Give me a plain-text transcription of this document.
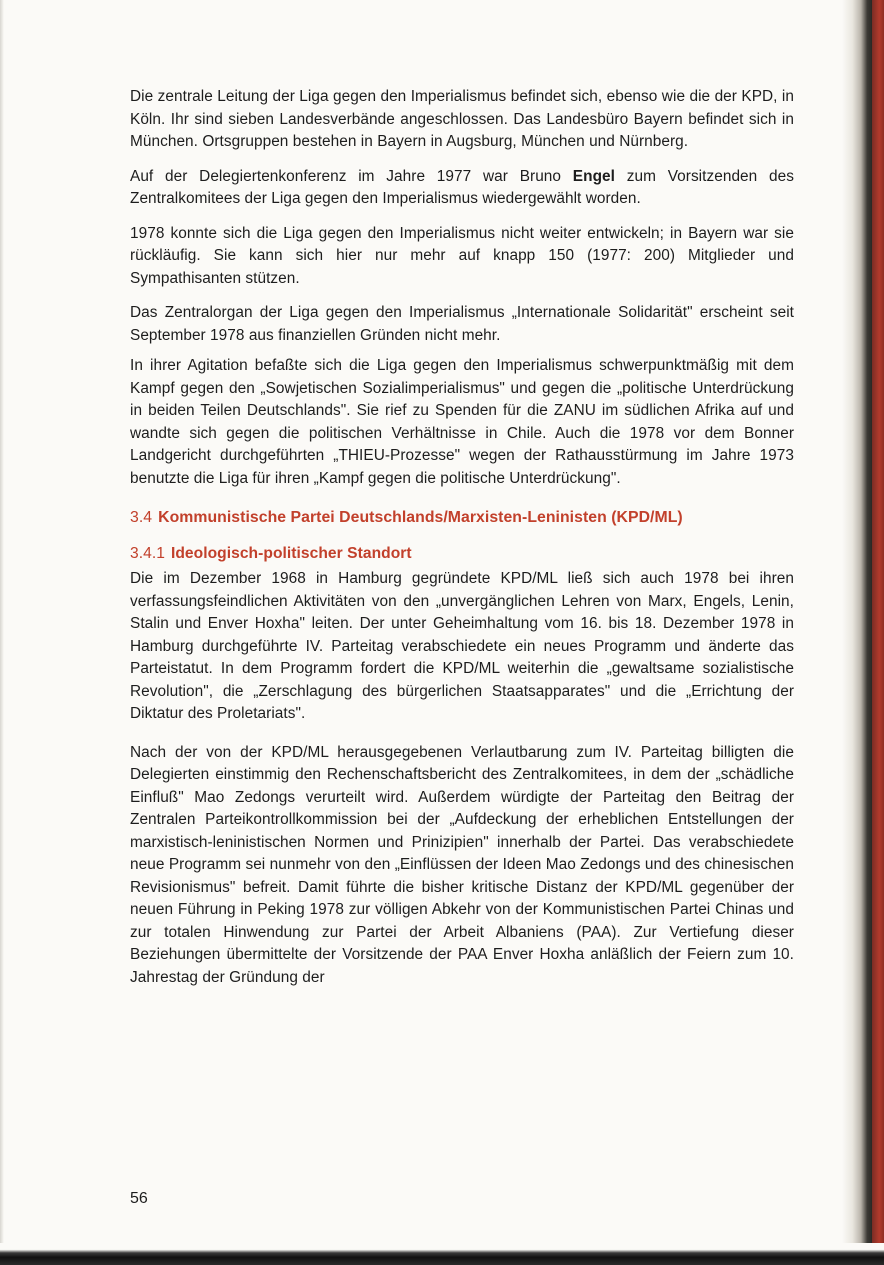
Die zentrale Leitung der Liga gegen den Imperialismus befindet sich, ebenso wie die der KPD, in Köln. Ihr sind sieben Landesverbände angeschlossen. Das Landesbüro Bayern befindet sich in München. Ortsgruppen bestehen in Bayern in Augsburg, München und Nürnberg.

Auf der Delegiertenkonferenz im Jahre 1977 war Bruno Engel zum Vorsitzenden des Zentralkomitees der Liga gegen den Imperialismus wiedergewählt worden.

1978 konnte sich die Liga gegen den Imperialismus nicht weiter entwickeln; in Bayern war sie rückläufig. Sie kann sich hier nur mehr auf knapp 150 (1977: 200) Mitglieder und Sympathisanten stützen.

Das Zentralorgan der Liga gegen den Imperialismus „Internationale Solidarität" erscheint seit September 1978 aus finanziellen Gründen nicht mehr.

In ihrer Agitation befaßte sich die Liga gegen den Imperialismus schwerpunktmäßig mit dem Kampf gegen den „Sowjetischen Sozialimperialismus" und gegen die „politische Unterdrückung in beiden Teilen Deutschlands". Sie rief zu Spenden für die ZANU im südlichen Afrika auf und wandte sich gegen die politischen Verhältnisse in Chile. Auch die 1978 vor dem Bonner Landgericht durchgeführten „THIEU-Prozesse" wegen der Rathausstürmung im Jahre 1973 benutzte die Liga für ihren „Kampf gegen die politische Unterdrückung".

3.4 Kommunistische Partei Deutschlands/Marxisten-Leninisten (KPD/ML)
3.4.1 Ideologisch-politischer Standort

Die im Dezember 1968 in Hamburg gegründete KPD/ML ließ sich auch 1978 bei ihren verfassungsfeindlichen Aktivitäten von den „unvergänglichen Lehren von Marx, Engels, Lenin, Stalin und Enver Hoxha" leiten. Der unter Geheimhaltung vom 16. bis 18. Dezember 1978 in Hamburg durchgeführte IV. Parteitag verabschiedete ein neues Programm und änderte das Parteistatut. In dem Programm fordert die KPD/ML weiterhin die „gewaltsame sozialistische Revolution", die „Zerschlagung des bürgerlichen Staatsapparates" und die „Errichtung der Diktatur des Proletariats".

Nach der von der KPD/ML herausgegebenen Verlautbarung zum IV. Parteitag billigten die Delegierten einstimmig den Rechenschaftsbericht des Zentralkomitees, in dem der „schädliche Einfluß" Mao Zedongs verurteilt wird. Außerdem würdigte der Parteitag den Beitrag der Zentralen Parteikontrollkommission bei der „Aufdeckung der erheblichen Entstellungen der marxistisch-leninistischen Normen und Prinizipien" innerhalb der Partei. Das verabschiedete neue Programm sei nunmehr von den „Einflüssen der Ideen Mao Zedongs und des chinesischen Revisionismus" befreit. Damit führte die bisher kritische Distanz der KPD/ML gegenüber der neuen Führung in Peking 1978 zur völligen Abkehr von der Kommunistischen Partei Chinas und zur totalen Hinwendung zur Partei der Arbeit Albaniens (PAA). Zur Vertiefung dieser Beziehungen übermittelte der Vorsitzende der PAA Enver Hoxha anläßlich der Feiern zum 10. Jahrestag der Gründung der

56
